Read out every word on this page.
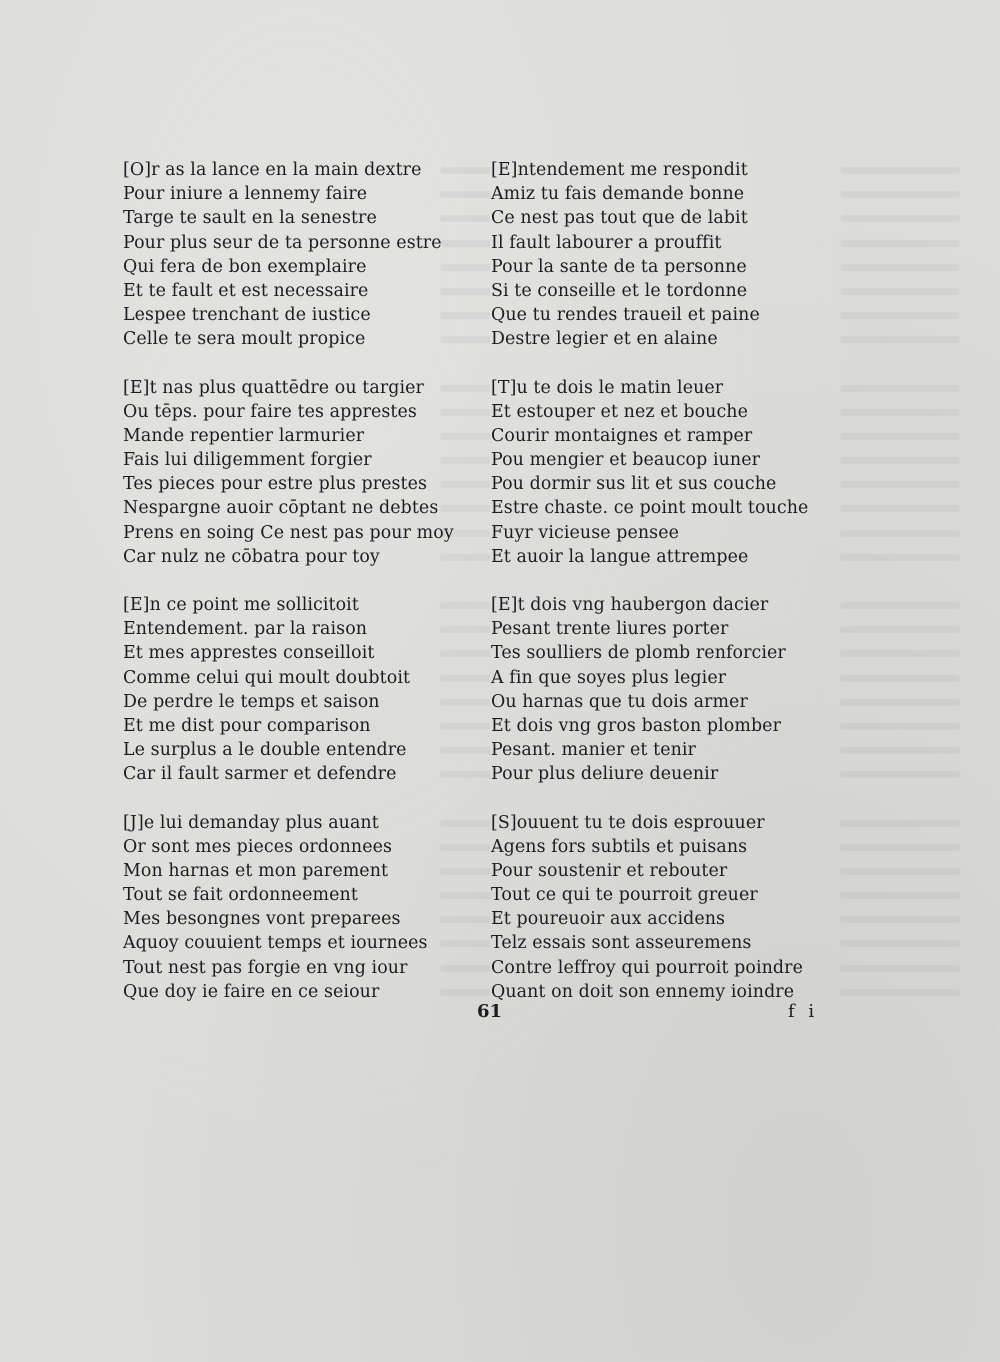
[O]r as la lance en la main dextre
Pour iniure a lennemy faire
Targe te sault en la senestre
Pour plus seur de ta personne estre
Qui fera de bon exemplaire
Et te fault et est necessaire
Lespee trenchant de iustice
Celle te sera moult propice
[E]t nas plus quattēdre ou targier
Ou tēps. pour faire tes apprestes
Mande repentier larmurier
Fais lui diligemment forgier
Tes pieces pour estre plus prestes
Nespargne auoir cōptant ne debtes
Prens en soing Ce nest pas pour moy
Car nulz ne cōbatra pour toy
[E]n ce point me sollicitoit
Entendement. par la raison
Et mes apprestes conseilloit
Comme celui qui moult doubtoit
De perdre le temps et saison
Et me dist pour comparison
Le surplus a le double entendre
Car il fault sarmer et defendre
[J]e lui demanday plus auant
Or sont mes pieces ordonnees
Mon harnas et mon parement
Tout se fait ordonneement
Mes besongnes vont preparees
Aquoy couuient temps et iournees
Tout nest pas forgie en vng iour
Que doy ie faire en ce seiour
[E]ntendement me respondit
Amiz tu fais demande bonne
Ce nest pas tout que de labit
Il fault labourer a prouffit
Pour la sante de ta personne
Si te conseille et le tordonne
Que tu rendes traueil et paine
Destre legier et en alaine
[T]u te dois le matin leuer
Et estouper et nez et bouche
Courir montaignes et ramper
Pou mengier et beaucop iuner
Pou dormir sus lit et sus couche
Estre chaste. ce point moult touche
Fuyr vicieuse pensee
Et auoir la langue attrempee
[E]t dois vng haubergon dacier
Pesant trente liures porter
Tes soulliers de plomb renforcier
A fin que soyes plus legier
Ou harnas que tu dois armer
Et dois vng gros baston plomber
Pesant. manier et tenir
Pour plus deliure deuenir
[S]ouuent tu te dois esprouuer
Agens fors subtils et puisans
Pour soustenir et rebouter
Tout ce qui te pourroit greuer
Et poureuoir aux accidens
Telz essais sont asseuremens
Contre leffroy qui pourroit poindre
Quant on doit son ennemy ioindre
61	f i
